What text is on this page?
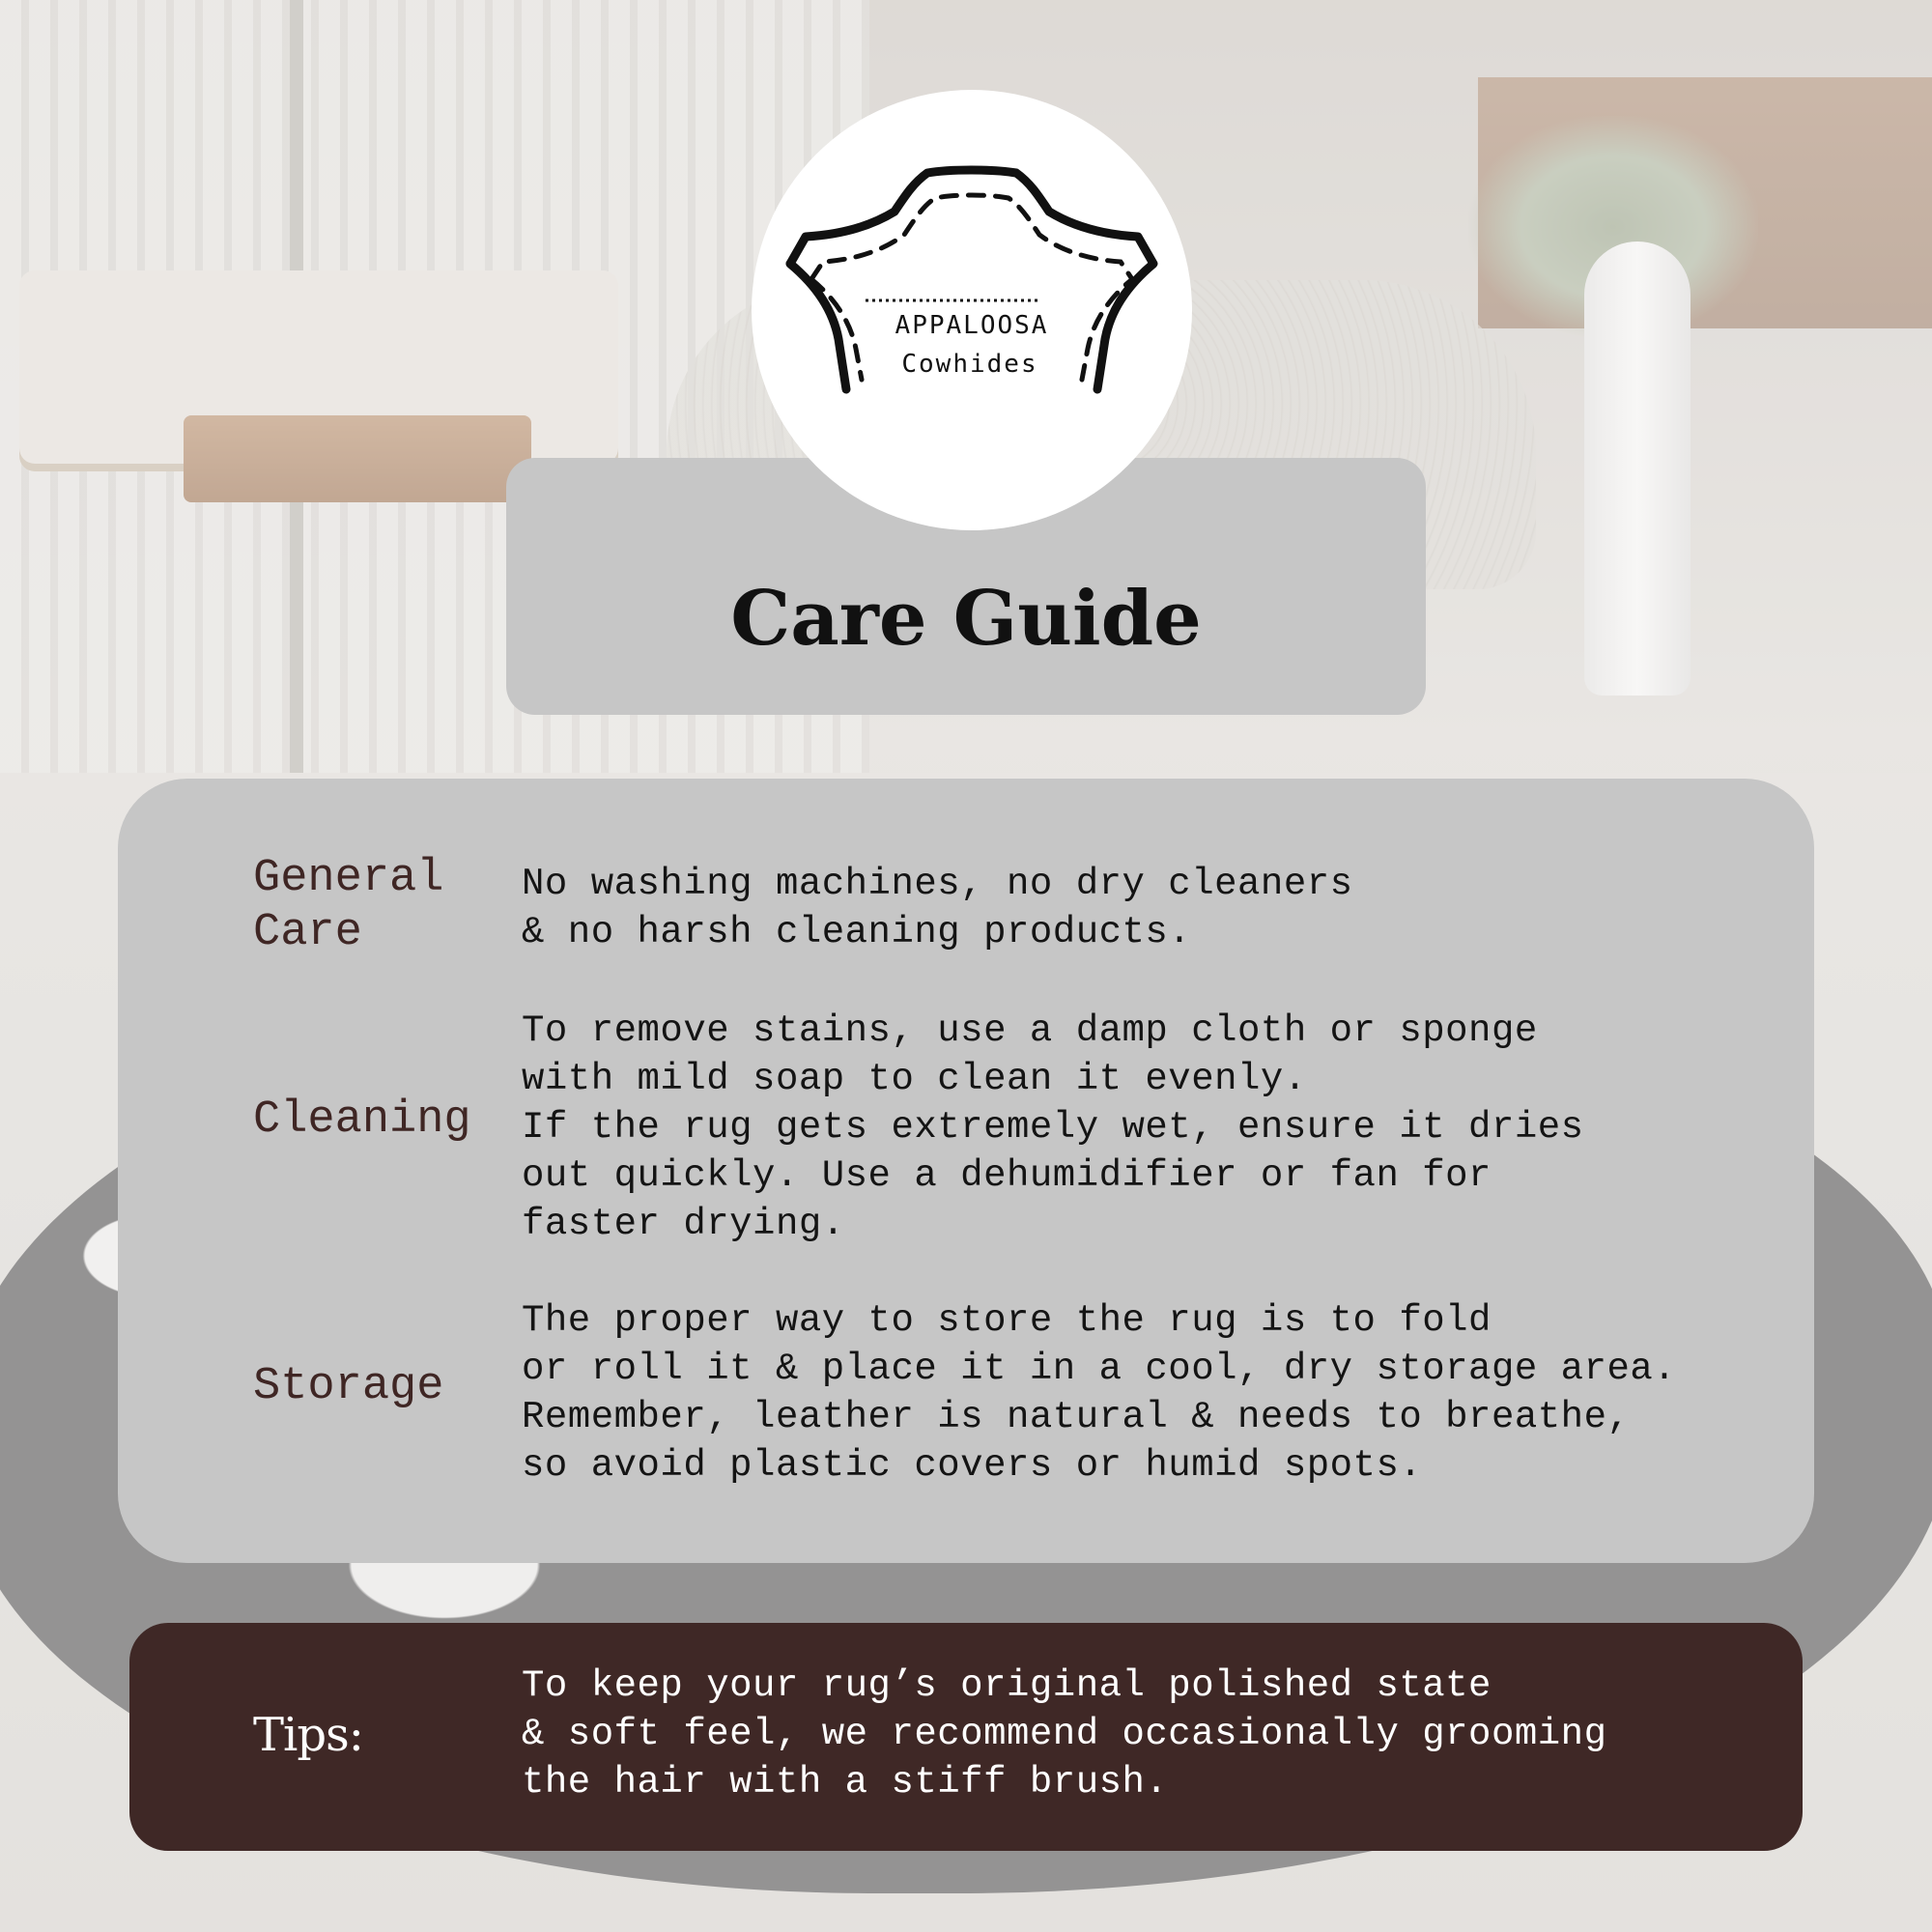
APPALOOSA
Cowhides
Care Guide

General
Care

No washing machines, no dry cleaners
& no harsh cleaning products.

Cleaning

To remove stains, use a damp cloth or sponge
with mild soap to clean it evenly.
If the rug gets extremely wet, ensure it dries
out quickly. Use a dehumidifier or fan for
faster drying.

Storage

The proper way to store the rug is to fold
or roll it & place it in a cool, dry storage area.
Remember, leather is natural & needs to breathe,
so avoid plastic covers or humid spots.

Tips:

To keep your rug’s original polished state
& soft feel, we recommend occasionally grooming
the hair with a stiff brush.
